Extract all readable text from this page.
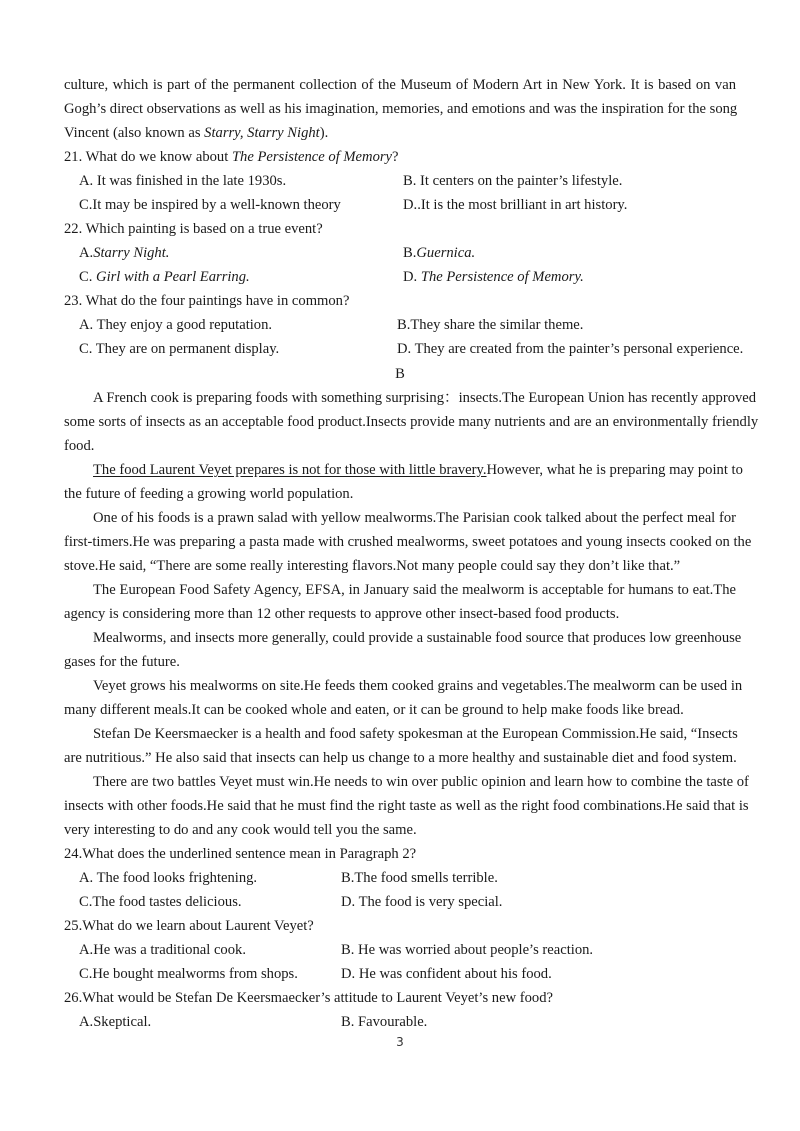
culture, which is part of the permanent collection of the Museum of Modern Art in New York. It is based on van
Gogh’s direct observations as well as his imagination, memories, and emotions and was the inspiration for the song
Vincent (also known as Starry, Starry Night).
21. What do we know about The Persistence of Memory?
A. It was finished in the late 1930s.	B. It centers on the painter’s lifestyle.
C.It may be inspired by a well-known theory	D..It is the most brilliant in art history.
22. Which painting is based on a true event?
A.Starry Night.	B.Guernica.
C. Girl with a Pearl Earring.	D. The Persistence of Memory.
23. What do the four paintings have in common?
A. They enjoy a good reputation.	B.They share the similar theme.
C. They are on permanent display.	D. They are created from the painter’s personal experience.
B
A French cook is preparing foods with something surprising：insects.The European Union has recently approved
some sorts of insects as an acceptable food product.Insects provide many nutrients and are an environmentally friendly
food.
The food Laurent Veyet prepares is not for those with little bravery.However, what he is preparing may point to
the future of feeding a growing world population.
One of his foods is a prawn salad with yellow mealworms.The Parisian cook talked about the perfect meal for
first-timers.He was preparing a pasta made with crushed mealworms, sweet potatoes and young insects cooked on the
stove.He said, “There are some really interesting flavors.Not many people could say they don’t like that.”
The European Food Safety Agency, EFSA, in January said the mealworm is acceptable for humans to eat.The
agency is considering more than 12 other requests to approve other insect-based food products.
Mealworms, and insects more generally, could provide a sustainable food source that produces low greenhouse
gases for the future.
Veyet grows his mealworms on site.He feeds them cooked grains and vegetables.The mealworm can be used in
many different meals.It can be cooked whole and eaten, or it can be ground to help make foods like bread.
Stefan De Keersmaecker is a health and food safety spokesman at the European Commission.He said, “Insects
are nutritious.” He also said that insects can help us change to a more healthy and sustainable diet and food system.
There are two battles Veyet must win.He needs to win over public opinion and learn how to combine the taste of
insects with other foods.He said that he must find the right taste as well as the right food combinations.He said that is
very interesting to do and any cook would tell you the same.
24.What does the underlined sentence mean in Paragraph 2?
A. The food looks frightening.	B.The food smells terrible.
C.The food tastes delicious.	D. The food is very special.
25.What do we learn about Laurent Veyet?
A.He was a traditional cook.	B. He was worried about people’s reaction.
C.He bought mealworms from shops.	D. He was confident about his food.
26.What would be Stefan De Keersmaecker’s attitude to Laurent Veyet’s new food?
A.Skeptical.	B. Favourable.
3
